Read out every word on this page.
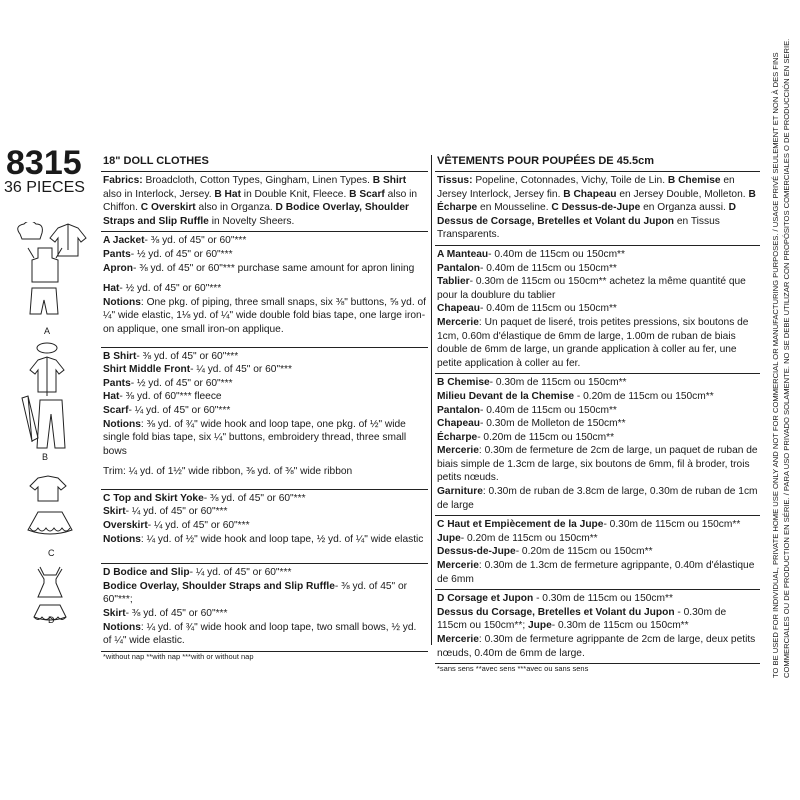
8315
36 PIECES
A
B
C
D
18" DOLL CLOTHES
Fabrics: Broadcloth, Cotton Types, Gingham, Linen Types. B Shirt also in Interlock, Jersey. B Hat in Double Knit, Fleece. B Scarf also in Chiffon. C Overskirt also in Organza. D Bodice Overlay, Shoulder Straps and Slip Ruffle in Novelty Sheers.

A Jacket- ⅜ yd. of 45" or 60"***

Pants- ½ yd. of 45" or 60"***

Apron- ⅜ yd. of 45" or 60"*** purchase same amount for apron lining

Hat- ½ yd. of 45" or 60"***

Notions: One pkg. of piping, three small snaps, six ⅜" buttons, ⅝ yd. of ¼" wide elastic, 1⅛ yd. of ¼" wide double fold bias tape, one large iron-on applique, one small iron-on applique.

B Shirt- ⅜ yd. of 45" or 60"***

Shirt Middle Front- ¼ yd. of 45" or 60"***

Pants- ½ yd. of 45" or 60"***

Hat- ⅜ yd. of 60"*** fleece

Scarf- ¼ yd. of 45" or 60"***

Notions: ⅜ yd. of ¾" wide hook and loop tape, one pkg. of ½" wide single fold bias tape, six ¼" buttons, embroidery thread, three small bows

Trim: ¼ yd. of 1½" wide ribbon, ⅜ yd. of ⅜" wide ribbon

C Top and Skirt Yoke- ⅜ yd. of 45" or 60"***

Skirt- ¼ yd. of 45" or 60"***

Overskirt- ¼ yd. of 45" or 60"***

Notions: ¼ yd. of ½" wide hook and loop tape, ½ yd. of ¼" wide elastic

D Bodice and Slip- ¼ yd. of 45" or 60"***

Bodice Overlay, Shoulder Straps and Slip Ruffle- ⅜ yd. of 45" or 60"***;

Skirt- ⅜ yd. of 45" or 60"***

Notions: ¼ yd. of ¾" wide hook and loop tape, two small bows, ½ yd. of ¼" wide elastic.

*without nap **with nap ***with or without nap
VÊTEMENTS POUR POUPÉES DE 45.5cm
Tissus: Popeline, Cotonnades, Vichy, Toile de Lin. B Chemise en Jersey Interlock, Jersey fin. B Chapeau en Jersey Double, Molleton. B Écharpe en Mousseline. C Dessus-de-Jupe en Organza aussi. D Dessus de Corsage, Bretelles et Volant du Jupon en Tissus Transparents.

A Manteau- 0.40m de 115cm ou 150cm**

Pantalon- 0.40m de 115cm ou 150cm**

Tablier- 0.30m de 115cm ou 150cm** achetez la même quantité que pour la doublure du tablier

Chapeau- 0.40m de 115cm ou 150cm**

Mercerie: Un paquet de liseré, trois petites pressions, six boutons de 1cm, 0.60m d'élastique de 6mm de large, 1.00m de ruban de biais double de 6mm de large, un grande application à coller au fer, une petite application à coller au fer.

B Chemise- 0.30m de 115cm ou 150cm**

Milieu Devant de la Chemise - 0.20m de 115cm ou 150cm**

Pantalon- 0.40m de 115cm ou 150cm**

Chapeau- 0.30m de Molleton de 150cm**

Écharpe- 0.20m de 115cm ou 150cm**

Mercerie: 0.30m de fermeture de 2cm de large, un paquet de ruban de biais simple de 1.3cm de large, six boutons de 6mm, fil à broder, trois petits nœuds.

Garniture: 0.30m de ruban de 3.8cm de large, 0.30m de ruban de 1cm de large

C Haut et Empiècement de la Jupe- 0.30m de 115cm ou 150cm**

Jupe- 0.20m de 115cm ou 150cm**

Dessus-de-Jupe- 0.20m de 115cm ou 150cm**

Mercerie: 0.30m de 1.3cm de fermeture agrippante, 0.40m d'élastique de 6mm

D Corsage et Jupon - 0.30m de 115cm ou 150cm**

Dessus du Corsage, Bretelles et Volant du Jupon - 0.30m de 115cm ou 150cm**; Jupe- 0.30m de 115cm ou 150cm**

Mercerie: 0.30m de fermeture agrippante de 2cm de large, deux petits nœuds, 0.40m de 6mm de large.

*sans sens **avec sens ***avec ou sans sens	TO BE USED FOR INDIVIDUAL, PRIVATE HOME USE ONLY AND NOT FOR COMMERCIAL OR MANUFACTURING PURPOSES. / USAGE PRIVÉ SEULEMENT ET NON À DES FINS COMMERCIALES OU DE PRODUCTION EN SÉRIE. / PARA USO PRIVADO SOLAMENTE. NO SE DEBE UTILIZAR CON PROPÓSITOS COMERCIALES O DE PRODUCCIÓN EN SERIE.
